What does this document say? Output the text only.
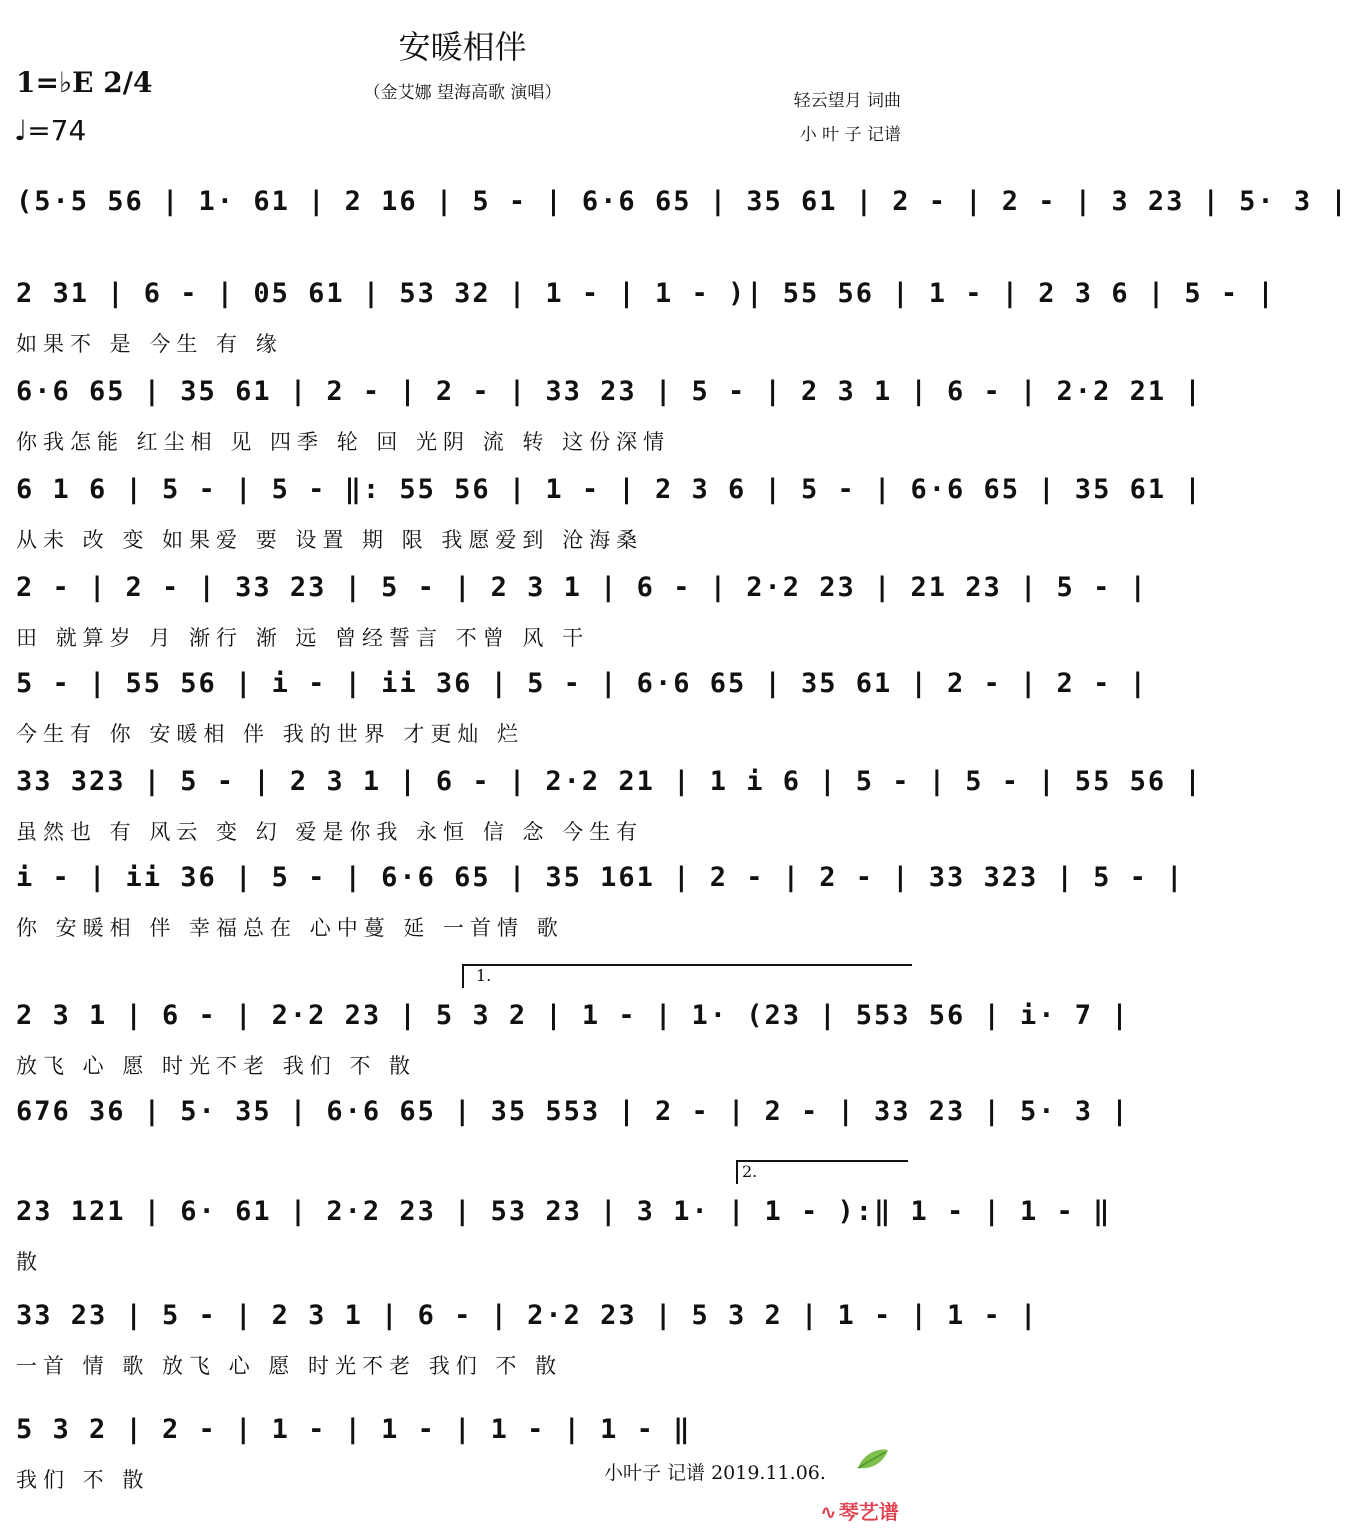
安暖相伴
（金艾娜 望海高歌 演唱）
1=♭E 2/4
♩=74
轻云望月 词曲
小 叶 子 记谱
(5·5 56 | 1· 61 | 2 16 | 5 - | 6·6 65 | 35 61 | 2 - | 2 - | 3 23 | 5· 3 |
2 31 | 6 - | 05 61 | 53 32 | 1 - | 1 - )| 55 56 | 1 - | 2 3 6 | 5 - |
如果不 是 今生 有 缘
6·6 65 | 35 61 | 2 - | 2 - | 33 23 | 5 - | 2 3 1 | 6 - | 2·2 21 |
你我怎能 红尘相 见 四季 轮 回 光阴 流 转 这份深情
6 1 6 | 5 - | 5 - ‖: 55 56 | 1 - | 2 3 6 | 5 - | 6·6 65 | 35 61 |
从未 改 变 如果爱 要 设置 期 限 我愿爱到 沧海桑
2 - | 2 - | 33 23 | 5 - | 2 3 1 | 6 - | 2·2 23 | 21 23 | 5 - |
田 就算岁 月 渐行 渐 远 曾经誓言 不曾 风 干
5 - | 55 56 | i - | ii 36 | 5 - | 6·6 65 | 35 61 | 2 - | 2 - |
今生有 你 安暖相 伴 我的世界 才更灿 烂
33 323 | 5 - | 2 3 1 | 6 - | 2·2 21 | 1 i 6 | 5 - | 5 - | 55 56 |
虽然也 有 风云 变 幻 爱是你我 永恒 信 念 今生有
i - | ii 36 | 5 - | 6·6 65 | 35 161 | 2 - | 2 - | 33 323 | 5 - |
你 安暖相 伴 幸福总在 心中蔓 延 一首情 歌
1.
2 3 1 | 6 - | 2·2 23 | 5 3 2 | 1 - | 1· (23 | 553 56 | i· 7 |
放飞 心 愿 时光不老 我们 不 散
676 36 | 5· 35 | 6·6 65 | 35 553 | 2 - | 2 - | 33 23 | 5· 3 |
2.
23 121 | 6· 61 | 2·2 23 | 53 23 | 3 1· | 1 - ):‖ 1 - | 1 - ‖
散
33 23 | 5 - | 2 3 1 | 6 - | 2·2 23 | 5 3 2 | 1 - | 1 - |
一首 情 歌 放飞 心 愿 时光不老 我们 不 散
5 3 2 | 2 - | 1 - | 1 - | 1 - | 1 - ‖
我们 不 散	小叶子 记谱 2019.11.06.
∿ 琴艺谱
